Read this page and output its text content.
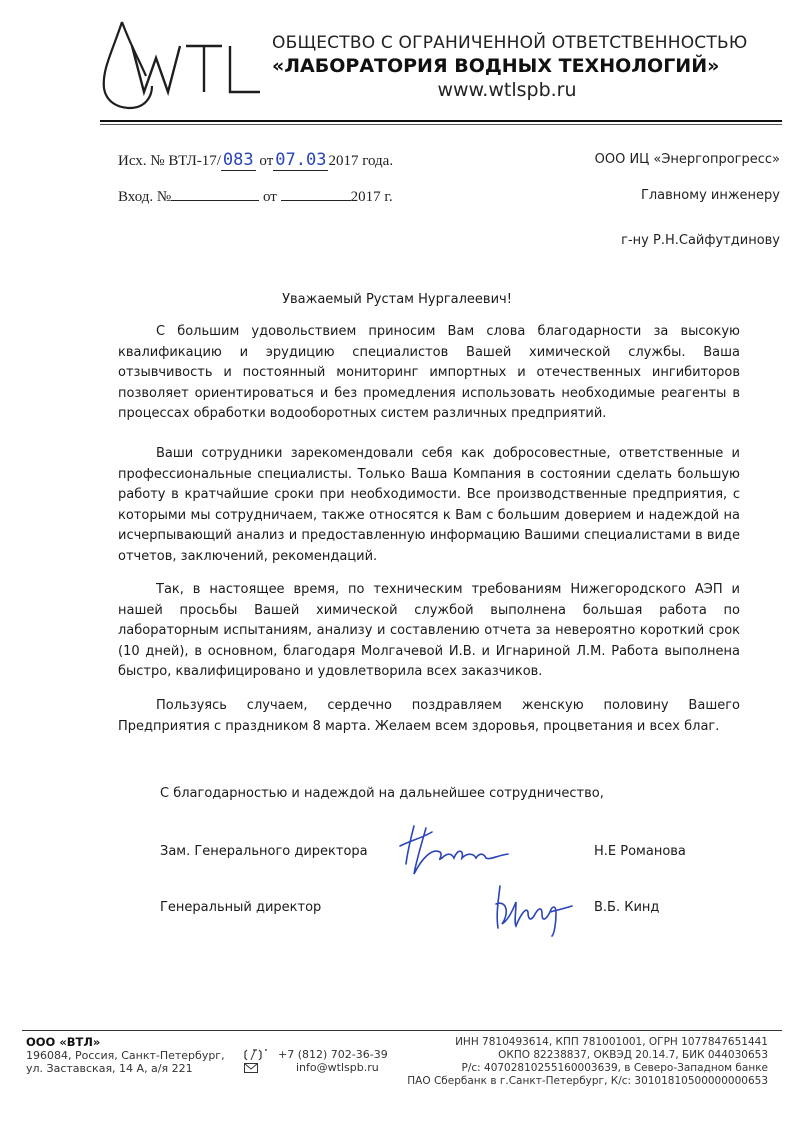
ОБЩЕСТВО С ОГРАНИЧЕННОЙ ОТВЕТСТВЕННОСТЬЮ
«ЛАБОРАТОРИЯ ВОДНЫХ ТЕХНОЛОГИЙ»
www.wtlspb.ru
Исх. № ВТЛ-17/ 083 от 07.03 2017 года.
Вход. №	от	2017 г.
ООО ИЦ «Энергопрогресс»
Главному инженеру
г-ну Р.Н.Сайфутдинову
Уважаемый Рустам Нургалеевич!

С большим удовольствием приносим Вам слова благодарности за высокую квалификацию и эрудицию специалистов Вашей химической службы. Ваша отзывчивость и постоянный мониторинг импортных и отечественных ингибиторов позволяет ориентироваться и без промедления использовать необходимые реагенты в процессах обработки водооборотных систем различных предприятий.

Ваши сотрудники зарекомендовали себя как добросовестные, ответственные и профессиональные специалисты. Только Ваша Компания в состоянии сделать большую работу в кратчайшие сроки при необходимости. Все производственные предприятия, с которыми мы сотрудничаем, также относятся к Вам с большим доверием и надеждой на исчерпывающий анализ и предоставленную информацию Вашими специалистами в виде отчетов, заключений, рекомендаций.

Так, в настоящее время, по техническим требованиям Нижегородского АЭП и нашей просьбы Вашей химической службой выполнена большая работа по лабораторным испытаниям, анализу и составлению отчета за невероятно короткий срок (10 дней), в основном, благодаря Молгачевой И.В. и Игнариной Л.М. Работа выполнена быстро, квалифицировано и удовлетворила всех заказчиков.

Пользуясь случаем, сердечно поздравляем женскую половину Вашего Предприятия с праздником 8 марта. Желаем всем здоровья, процветания и всех благ.

С благодарностью и надеждой на дальнейшее сотрудничество,
Зам. Генерального директора	Н.Е Романова
Генеральный директор	В.Б. Кинд
ООО «ВТЛ»
196084, Россия, Санкт-Петербург,
ул. Заставская, 14 А, а/я 221
+7 (812) 702-36-39
info@wtlspb.ru
ИНН 7810493614, КПП 781001001, ОГРН 1077847651441
ОКПО 82238837, ОКВЭД 20.14.7, БИК 044030653
Р/с: 40702810255160003639, в Северо-Западном банке
ПАО Сбербанк в г.Санкт-Петербург, К/с: 30101810500000000653
